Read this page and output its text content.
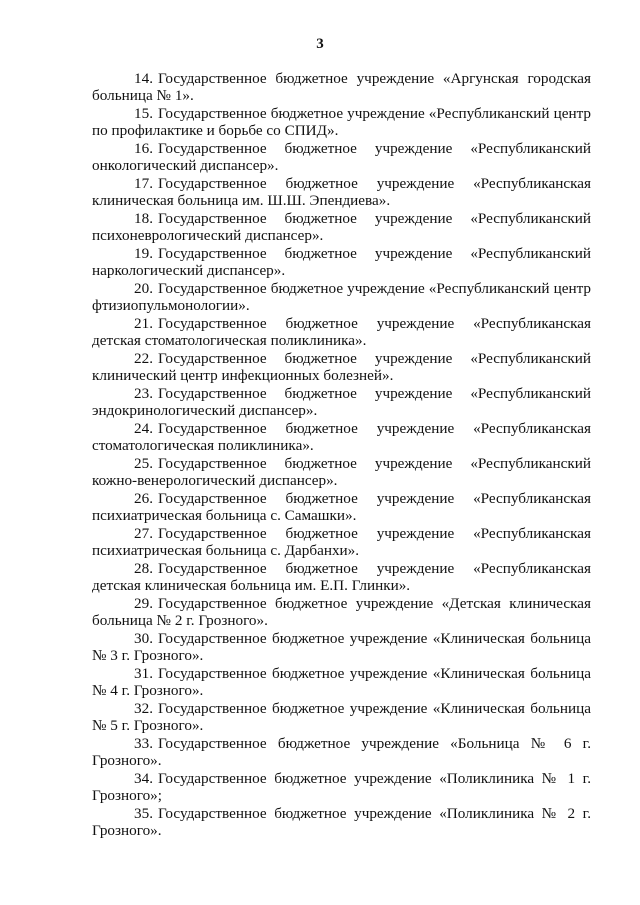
3

14. Государственное бюджетное учреждение «Аргунская городская больница № 1».

15. Государственное бюджетное учреждение «Республиканский центр по профилактике и борьбе со СПИД».

16. Государственное бюджетное учреждение «Республиканский онкологический диспансер».

17. Государственное бюджетное учреждение «Республиканская клиническая больница им. Ш.Ш. Эпендиева».

18. Государственное бюджетное учреждение «Республиканский психоневрологический диспансер».

19. Государственное бюджетное учреждение «Республиканский наркологический диспансер».

20. Государственное бюджетное учреждение «Республиканский центр фтизиопульмонологии».

21. Государственное бюджетное учреждение «Республиканская детская стоматологическая поликлиника».

22. Государственное бюджетное учреждение «Республиканский клинический центр инфекционных болезней».

23. Государственное бюджетное учреждение «Республиканский эндокринологический диспансер».

24. Государственное бюджетное учреждение «Республиканская стоматологическая поликлиника».

25. Государственное бюджетное учреждение «Республиканский кожно-венерологический диспансер».

26. Государственное бюджетное учреждение «Республиканская психиатрическая больница с. Самашки».

27. Государственное бюджетное учреждение «Республиканская психиатрическая больница с. Дарбанхи».

28. Государственное бюджетное учреждение «Республиканская детская клиническая больница им. Е.П. Глинки».

29. Государственное бюджетное учреждение «Детская клиническая больница № 2 г. Грозного».

30. Государственное бюджетное учреждение «Клиническая больница № 3 г. Грозного».

31. Государственное бюджетное учреждение «Клиническая больница № 4 г. Грозного».

32. Государственное бюджетное учреждение «Клиническая больница № 5 г. Грозного».

33. Государственное бюджетное учреждение «Больница № 6 г. Грозного».

34. Государственное бюджетное учреждение «Поликлиника № 1 г. Грозного»;

35. Государственное бюджетное учреждение «Поликлиника № 2 г. Грозного».
